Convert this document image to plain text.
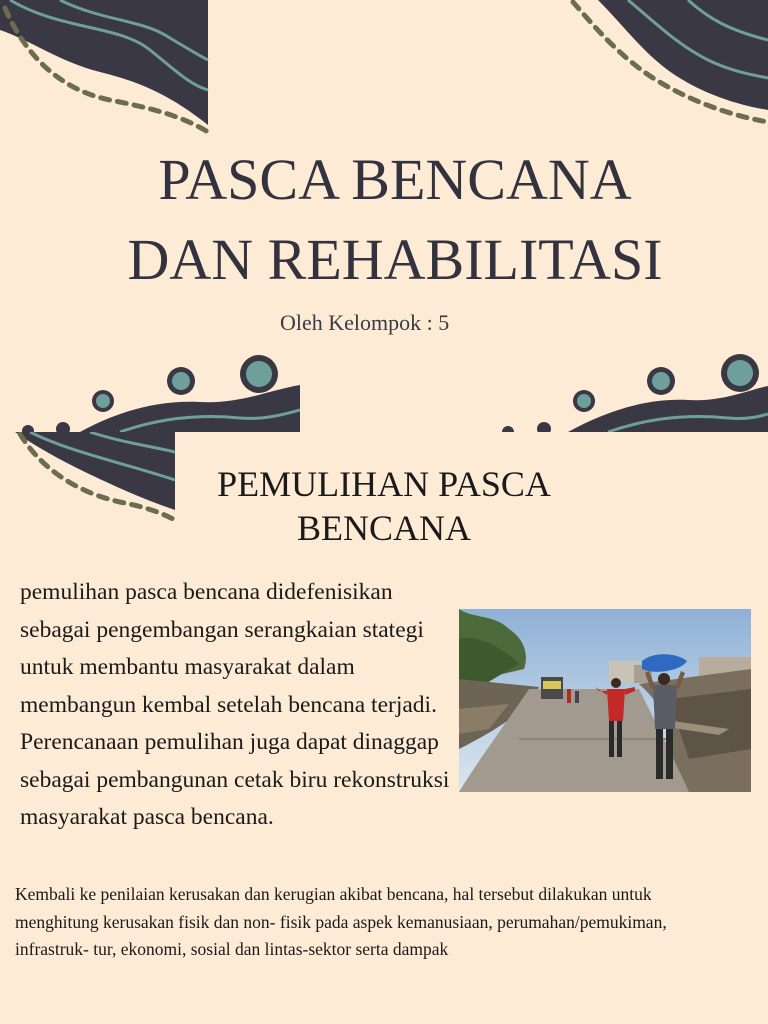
Oleh Kelompok : 5
PASCA BENCANA DAN REHABILITASI
PEMULIHAN PASCA BENCANA

pemulihan pasca bencana didefenisikan sebagai pengembangan serangkaian stategi untuk membantu masyarakat dalam membangun kembal setelah bencana terjadi. Perencanaan pemulihan juga dapat dinaggap sebagai pembangunan cetak biru rekonstruksi masyarakat pasca bencana.

Kembali ke penilaian kerusakan dan kerugian akibat bencana, hal tersebut dilakukan untuk menghitung kerusakan fisik dan non- fisik pada aspek kemanusiaan, perumahan/pemukiman, infrastruk- tur, ekonomi, sosial dan lintas-sektor serta dampak
